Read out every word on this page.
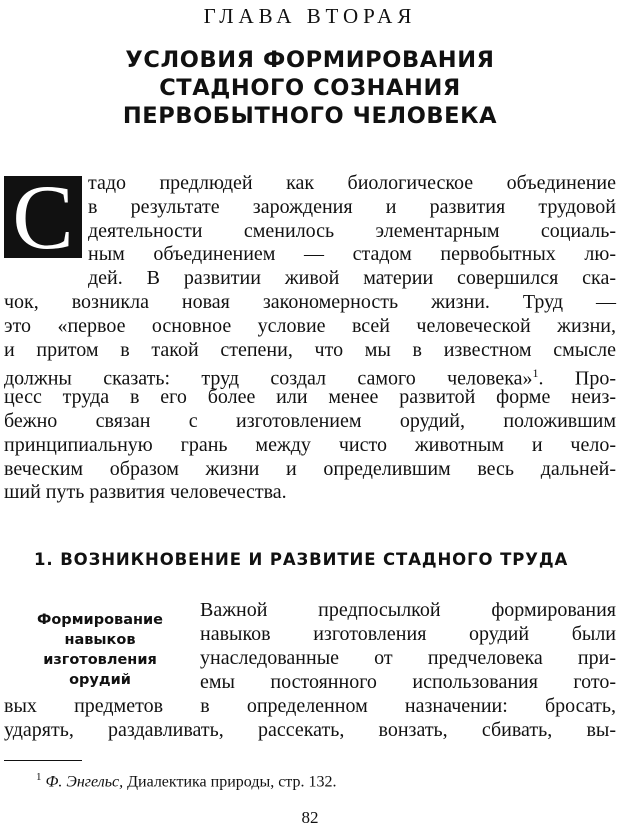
ГЛАВА ВТОРАЯ
УСЛОВИЯ ФОРМИРОВАНИЯ
СТАДНОГО СОЗНАНИЯ
ПЕРВОБЫТНОГО ЧЕЛОВЕКА
С тадо предлюдей как биологическое объединение
в результате зарождения и развития трудовой
деятельности сменилось элементарным социаль-
ным объединением — стадом первобытных лю-
дей. В развитии живой материи совершился ска-
чок, возникла новая закономерность жизни. Труд —
это «первое основное условие всей человеческой жизни,
и притом в такой степени, что мы в известном смысле
должны сказать: труд создал самого человека»$^1$. Про-
цесс труда в его более или менее развитой форме неиз-
бежно связан с изготовлением орудий, положившим
принципиальную грань между чисто животным и чело-
веческим образом жизни и определившим весь дальней-
ший путь развития человечества.
1. ВОЗНИКНОВЕНИЕ И РАЗВИТИЕ СТАДНОГО ТРУДА
Формирование
навыков
изготовления
орудий
Важной предпосылкой формирования
навыков изготовления орудий были
унаследованные от предчеловека при-
емы постоянного использования гото-
вых предметов в определенном назначении: бросать,
ударять, раздавливать, рассекать, вонзать, сбивать, вы-
$^1$ Ф. Энгельс, Диалектика природы, стр. 132.
82
